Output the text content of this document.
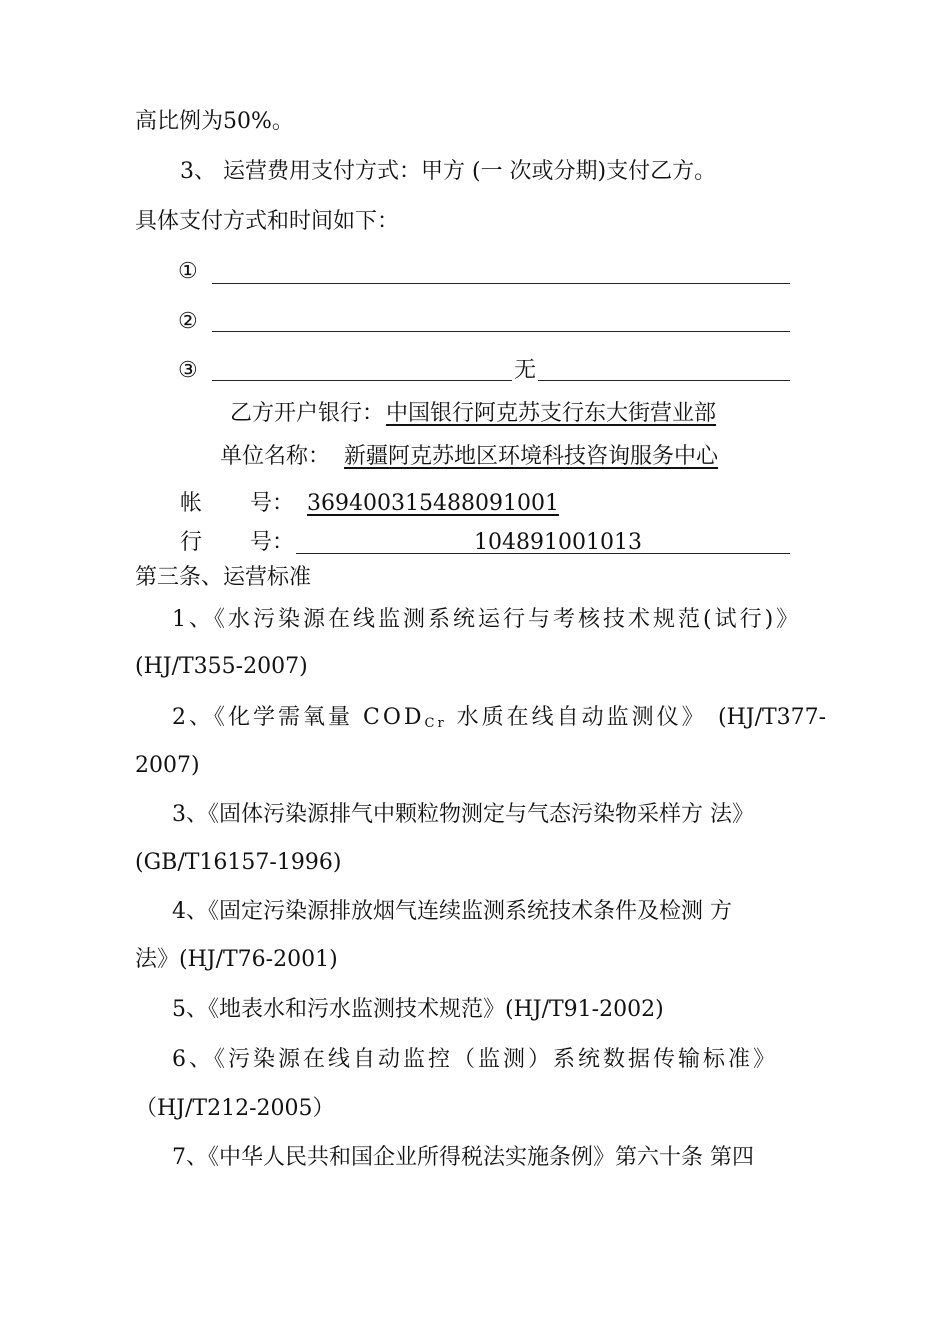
高比例为50%。
3、 运营费用支付方式：甲方 (一 次或分期)支付乙方。
具体支付方式和时间如下：
①
②
③	无
乙方开户银行： 中国银行阿克苏支行东大街营业部
单位名称： 新疆阿克苏地区环境科技咨询服务中心
帐 号： 369400315488091001
行 号：	104891001013
第三条、运营标准
1、《水污染源在线监测系统运行与考核技术规范(试行)》
(HJ/T355-2007)
2、《化学需氧量 $COD_{Cr}$ 水质在线自动监测仪》 (HJ/T377-
2007)
3、《固体污染源排气中颗粒物测定与气态污染物采样方 法》
(GB/T16157-1996)
4、《固定污染源排放烟气连续监测系统技术条件及检测 方
法》(HJ/T76-2001)
5、《地表水和污水监测技术规范》(HJ/T91-2002)
6、《污染源在线自动监控（监测）系统数据传输标准》
（HJ/T212-2005）
7、《中华人民共和国企业所得税法实施条例》第六十条 第四
